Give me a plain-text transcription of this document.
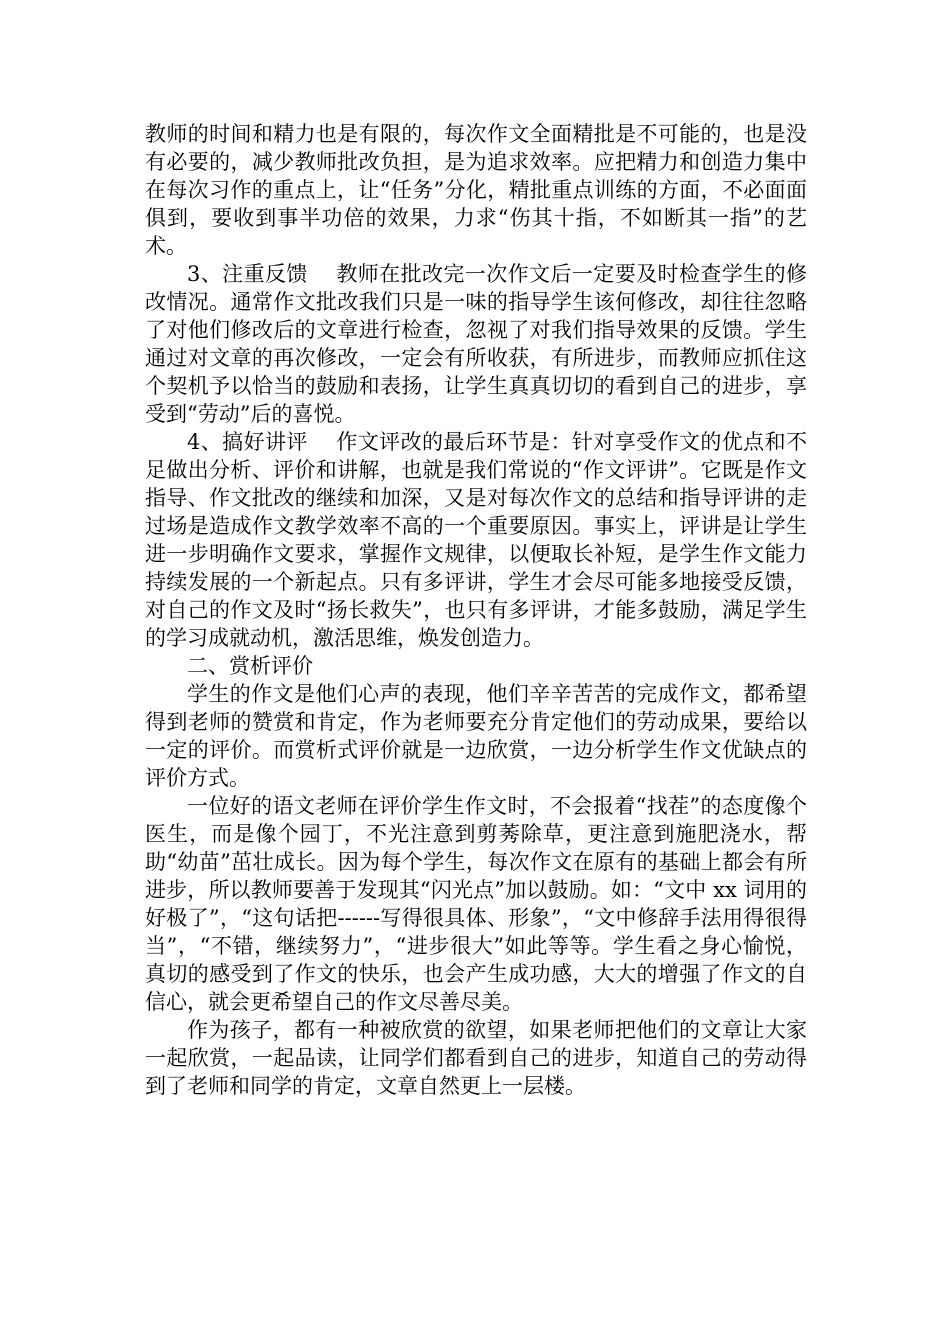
教师的时间和精力也是有限的，每次作文全面精批是不可能的，也是没有必要的，减少教师批改负担，是为追求效率。应把精力和创造力集中在每次习作的重点上，让“任务”分化，精批重点训练的方面，不必面面俱到，要收到事半功倍的效果，力求“伤其十指，不如断其一指”的艺术。

3、注重反馈　 教师在批改完一次作文后一定要及时检查学生的修改情况。通常作文批改我们只是一味的指导学生该何修改，却往往忽略了对他们修改后的文章进行检查，忽视了对我们指导效果的反馈。学生通过对文章的再次修改，一定会有所收获，有所进步，而教师应抓住这个契机予以恰当的鼓励和表扬，让学生真真切切的看到自己的进步，享受到“劳动”后的喜悦。

4、搞好讲评　 作文评改的最后环节是：针对享受作文的优点和不足做出分析、评价和讲解，也就是我们常说的“作文评讲”。它既是作文指导、作文批改的继续和加深，又是对每次作文的总结和指导评讲的走过场是造成作文教学效率不高的一个重要原因。事实上，评讲是让学生进一步明确作文要求，掌握作文规律，以便取长补短，是学生作文能力持续发展的一个新起点。只有多评讲，学生才会尽可能多地接受反馈，对自己的作文及时“扬长救失”，也只有多评讲，才能多鼓励，满足学生的学习成就动机，激活思维，焕发创造力。

二、赏析评价

学生的作文是他们心声的表现，他们辛辛苦苦的完成作文，都希望得到老师的赞赏和肯定，作为老师要充分肯定他们的劳动成果，要给以一定的评价。而赏析式评价就是一边欣赏，一边分析学生作文优缺点的评价方式。

一位好的语文老师在评价学生作文时，不会报着“找茬”的态度像个医生，而是像个园丁，不光注意到剪莠除草，更注意到施肥浇水，帮助“幼苗”茁壮成长。因为每个学生，每次作文在原有的基础上都会有所进步，所以教师要善于发现其“闪光点”加以鼓励。如：“文中 xx 词用的好极了”，“这句话把------写得很具体、形象”，“文中修辞手法用得很得当”，“不错，继续努力”，“进步很大”如此等等。学生看之身心愉悦，真切的感受到了作文的快乐，也会产生成功感，大大的增强了作文的自信心，就会更希望自己的作文尽善尽美。

作为孩子，都有一种被欣赏的欲望，如果老师把他们的文章让大家一起欣赏，一起品读，让同学们都看到自己的进步，知道自己的劳动得到了老师和同学的肯定，文章自然更上一层楼。
